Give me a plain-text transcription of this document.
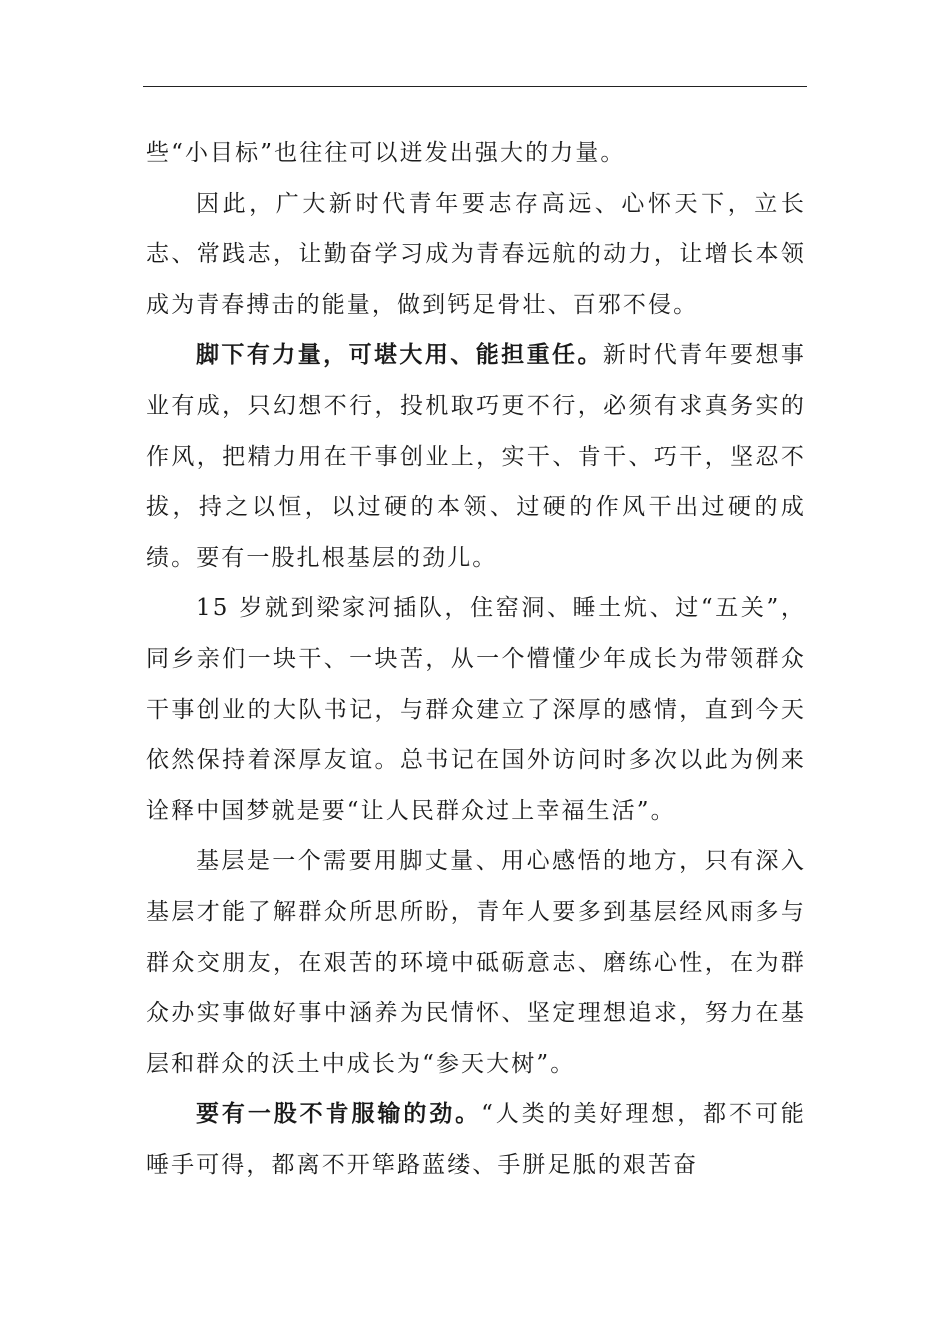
些“小目标”也往往可以迸发出强大的力量。

因此，广大新时代青年要志存高远、心怀天下，立长志、常践志，让勤奋学习成为青春远航的动力，让增长本领成为青春搏击的能量，做到钙足骨壮、百邪不侵。

脚下有力量，可堪大用、能担重任。新时代青年要想事业有成，只幻想不行，投机取巧更不行，必须有求真务实的作风，把精力用在干事创业上，实干、肯干、巧干，坚忍不拔，持之以恒，以过硬的本领、过硬的作风干出过硬的成绩。要有一股扎根基层的劲儿。

15 岁就到梁家河插队，住窑洞、睡土炕、过“五关”，同乡亲们一块干、一块苦，从一个懵懂少年成长为带领群众干事创业的大队书记，与群众建立了深厚的感情，直到今天依然保持着深厚友谊。总书记在国外访问时多次以此为例来诠释中国梦就是要“让人民群众过上幸福生活”。

基层是一个需要用脚丈量、用心感悟的地方，只有深入基层才能了解群众所思所盼，青年人要多到基层经风雨多与群众交朋友，在艰苦的环境中砥砺意志、磨练心性，在为群众办实事做好事中涵养为民情怀、坚定理想追求，努力在基层和群众的沃土中成长为“参天大树”。

要有一股不肯服输的劲。“人类的美好理想，都不可能唾手可得，都离不开筚路蓝缕、手胼足胝的艰苦奋
